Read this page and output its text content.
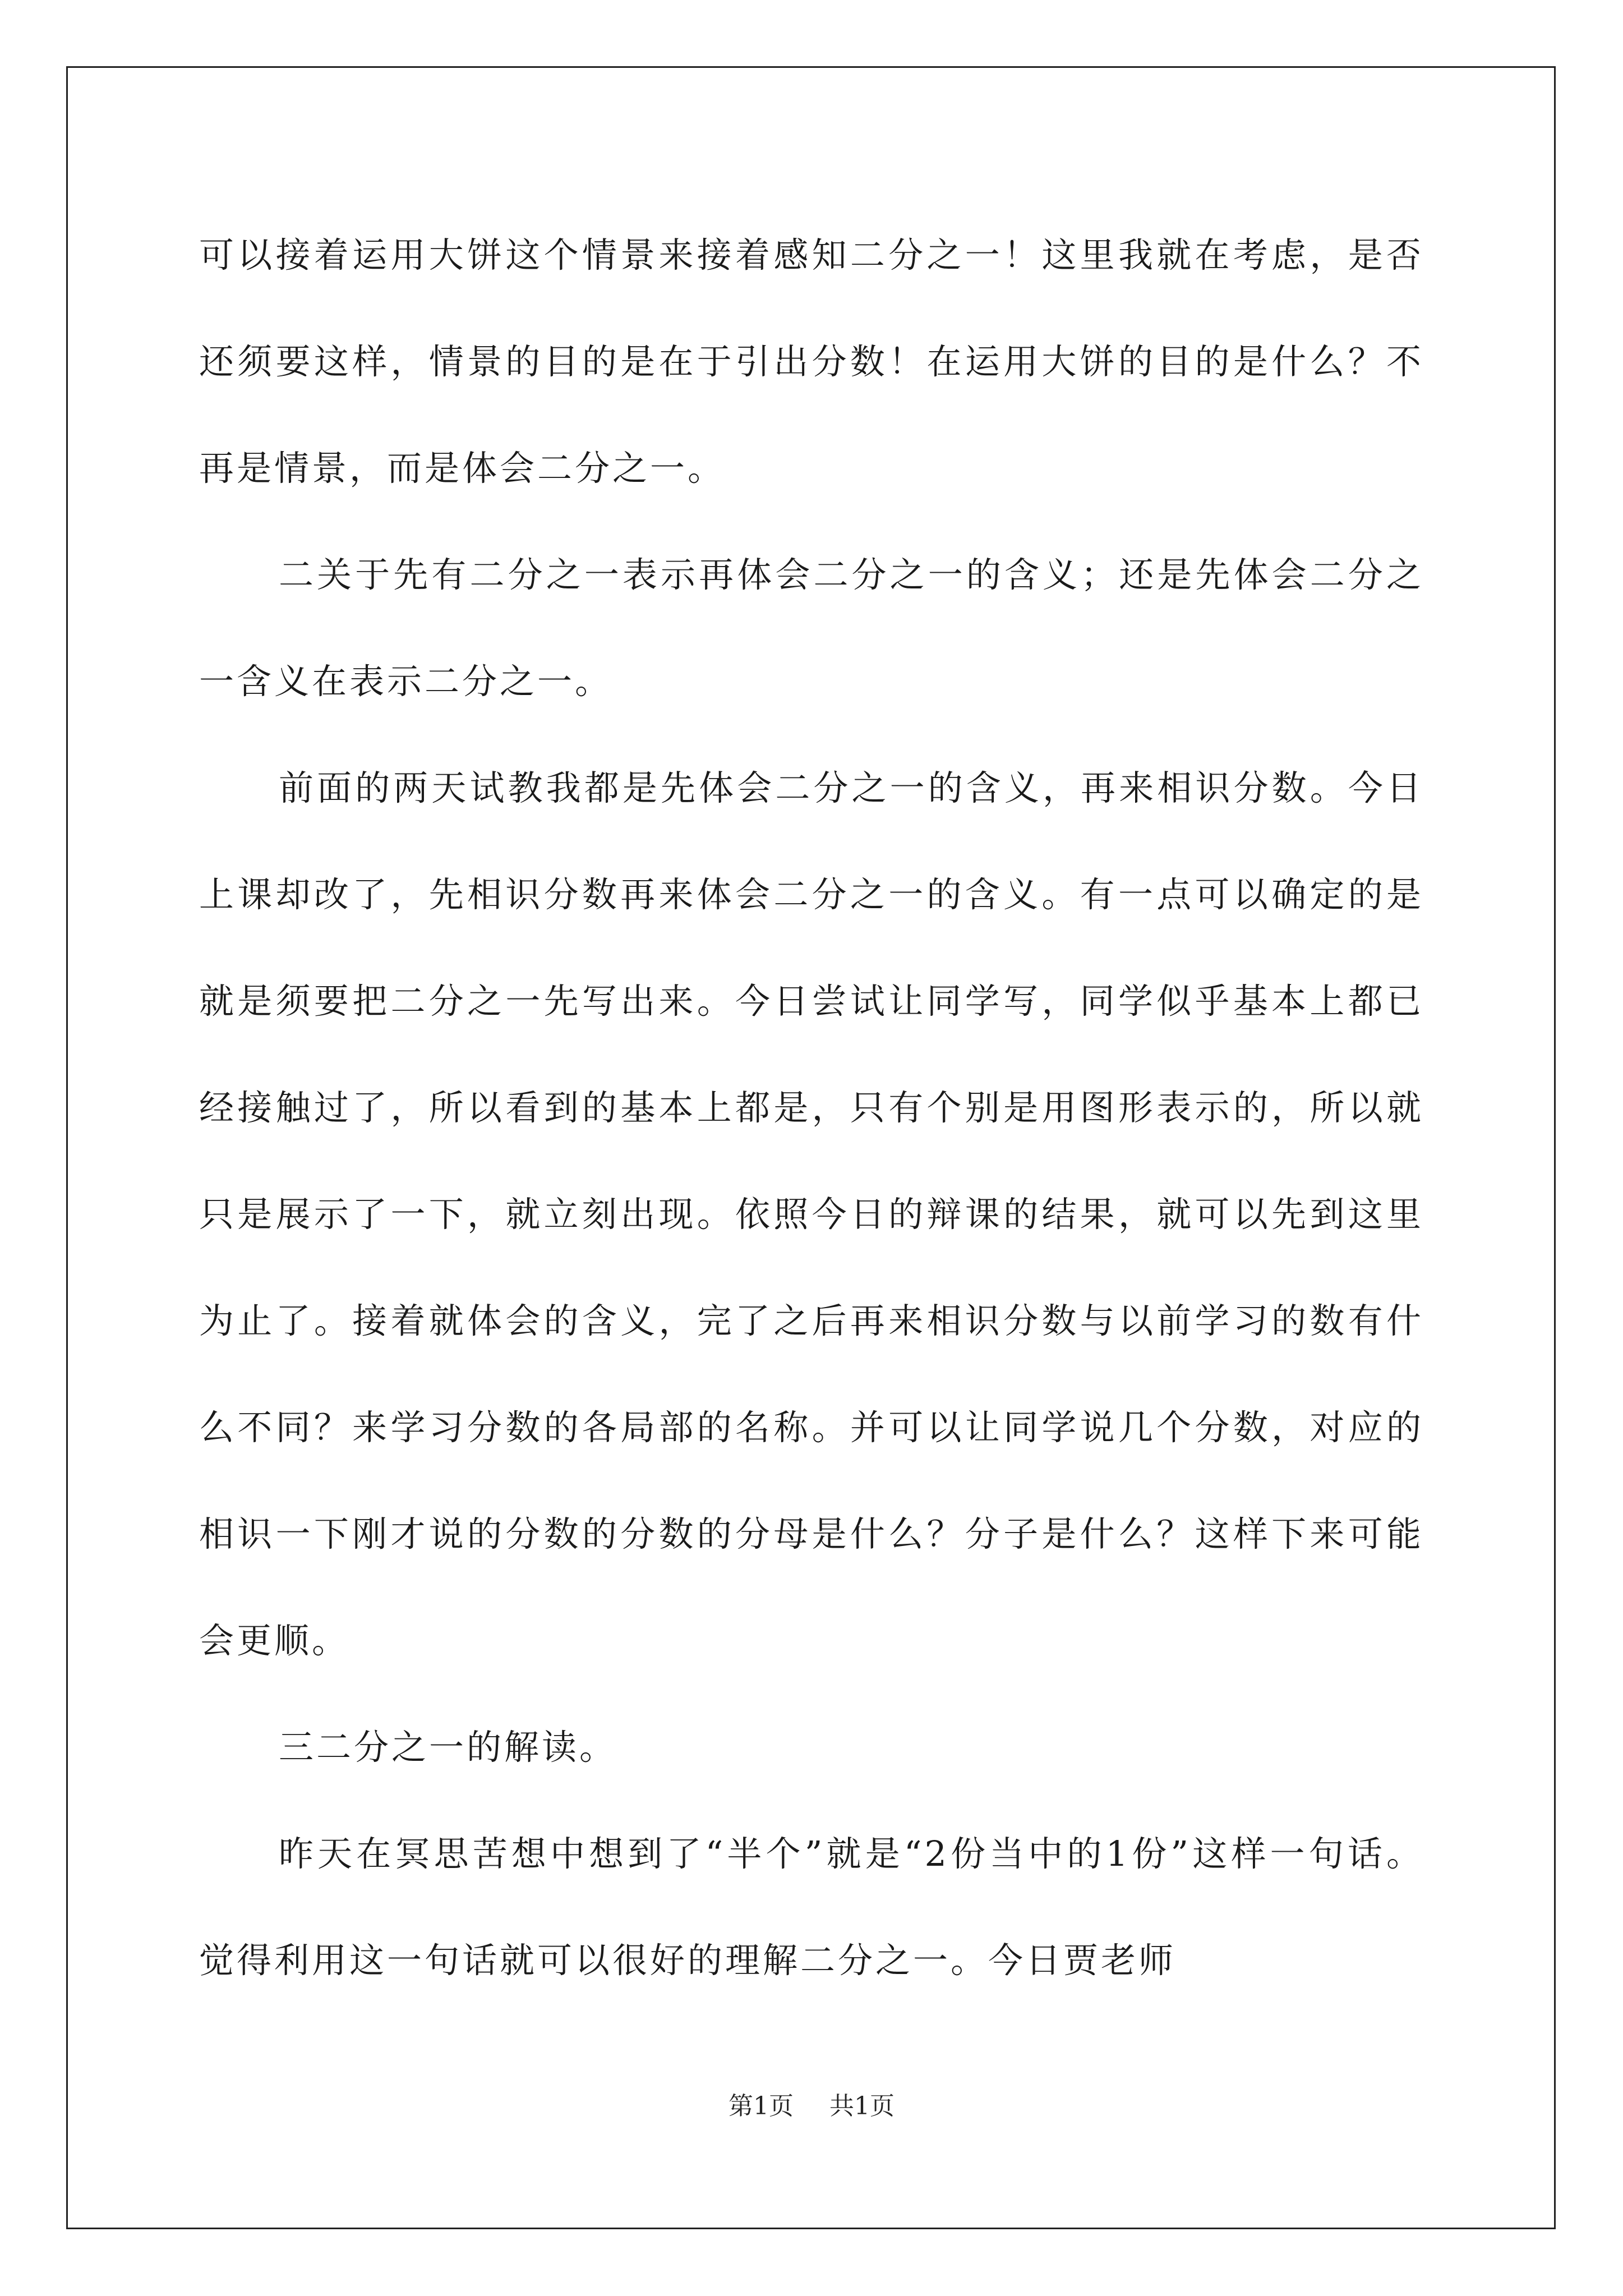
可以接着运用大饼这个情景来接着感知二分之一！这里我就在考虑，是否还须要这样，情景的目的是在于引出分数！在运用大饼的目的是什么？不再是情景，而是体会二分之一。

二关于先有二分之一表示再体会二分之一的含义；还是先体会二分之一含义在表示二分之一。

前面的两天试教我都是先体会二分之一的含义，再来相识分数。今日上课却改了，先相识分数再来体会二分之一的含义。有一点可以确定的是就是须要把二分之一先写出来。今日尝试让同学写，同学似乎基本上都已经接触过了，所以看到的基本上都是，只有个别是用图形表示的，所以就只是展示了一下，就立刻出现。依照今日的辩课的结果，就可以先到这里为止了。接着就体会的含义，完了之后再来相识分数与以前学习的数有什么不同？来学习分数的各局部的名称。并可以让同学说几个分数，对应的相识一下刚才说的分数的分数的分母是什么？分子是什么？这样下来可能会更顺。

三二分之一的解读。

昨天在冥思苦想中想到了“半个”就是“2份当中的1份”这样一句话。觉得利用这一句话就可以很好的理解二分之一。今日贾老师

第1页 共1页
